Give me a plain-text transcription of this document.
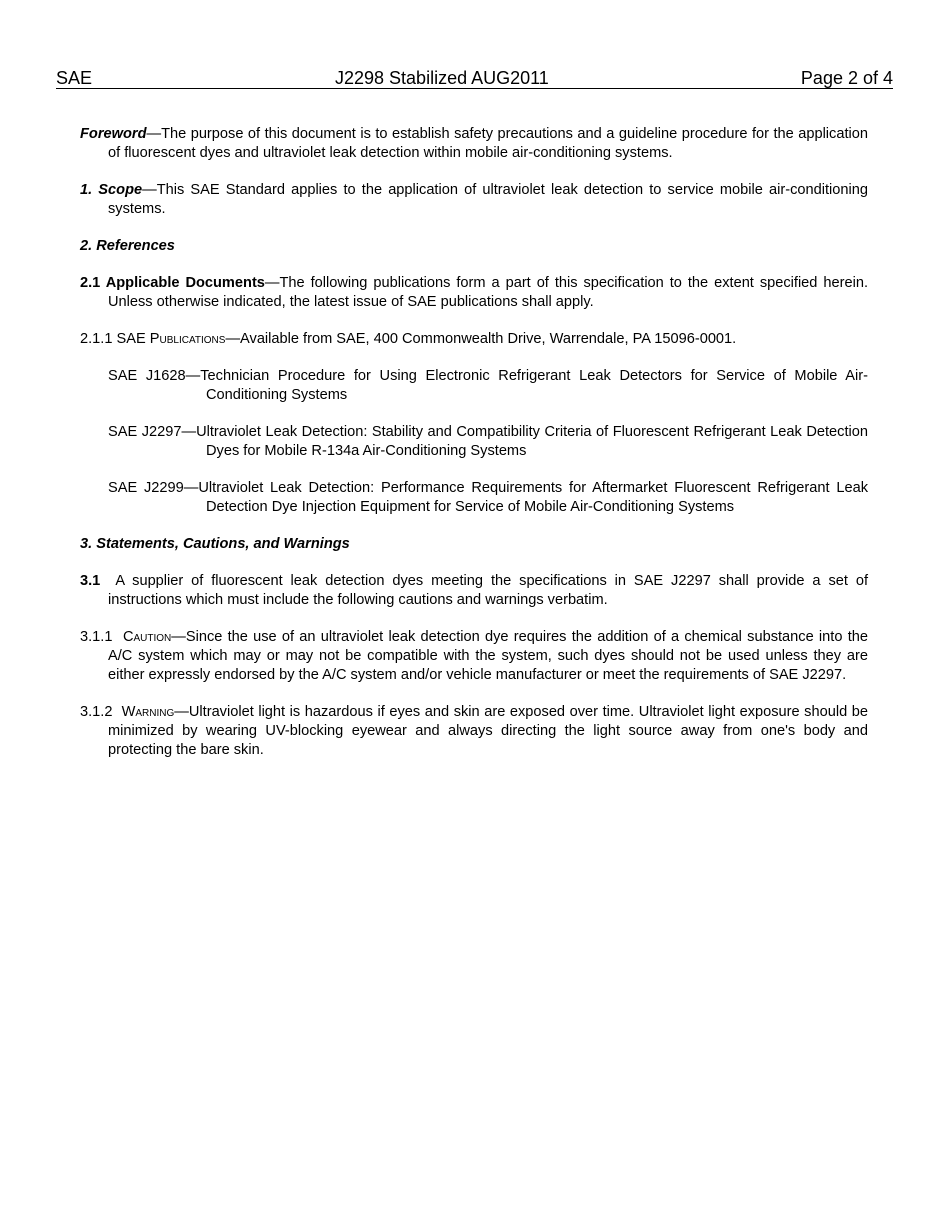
SAE	J2298 Stabilized AUG2011	Page 2 of 4

Foreword—The purpose of this document is to establish safety precautions and a guideline procedure for the application of fluorescent dyes and ultraviolet leak detection within mobile air-conditioning systems.

1. Scope—This SAE Standard applies to the application of ultraviolet leak detection to service mobile air-conditioning systems.

2. References

2.1 Applicable Documents—The following publications form a part of this specification to the extent specified herein. Unless otherwise indicated, the latest issue of SAE publications shall apply.

2.1.1 SAE Publications—Available from SAE, 400 Commonwealth Drive, Warrendale, PA 15096-0001.

SAE J1628—Technician Procedure for Using Electronic Refrigerant Leak Detectors for Service of Mobile Air-Conditioning Systems

SAE J2297—Ultraviolet Leak Detection: Stability and Compatibility Criteria of Fluorescent Refrigerant Leak Detection Dyes for Mobile R-134a Air-Conditioning Systems

SAE J2299—Ultraviolet Leak Detection: Performance Requirements for Aftermarket Fluorescent Refrigerant Leak Detection Dye Injection Equipment for Service of Mobile Air-Conditioning Systems

3. Statements, Cautions, and Warnings

3.1  A supplier of fluorescent leak detection dyes meeting the specifications in SAE J2297 shall provide a set of instructions which must include the following cautions and warnings verbatim.

3.1.1  Caution—Since the use of an ultraviolet leak detection dye requires the addition of a chemical substance into the A/C system which may or may not be compatible with the system, such dyes should not be used unless they are either expressly endorsed by the A/C system and/or vehicle manufacturer or meet the requirements of SAE J2297.

3.1.2  Warning—Ultraviolet light is hazardous if eyes and skin are exposed over time. Ultraviolet light exposure should be minimized by wearing UV-blocking eyewear and always directing the light source away from one's body and protecting the bare skin.
